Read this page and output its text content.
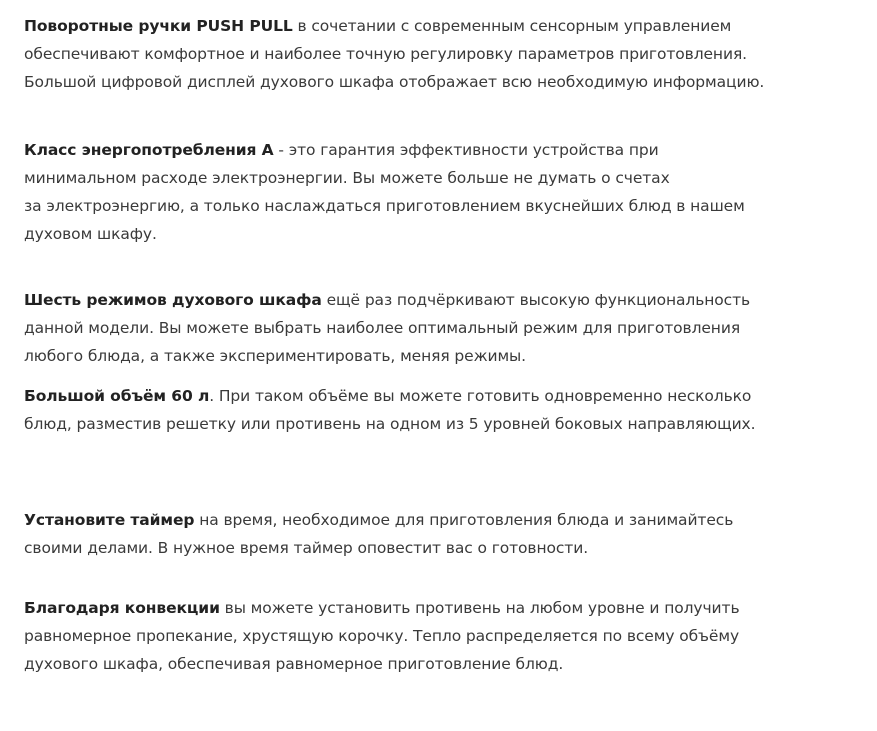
Поворотные ручки PUSH PULL в сочетании с современным сенсорным управлением
обеспечивают комфортное и наиболее точную регулировку параметров приготовления.
Большой цифровой дисплей духового шкафа отображает всю необходимую информацию.

Класс энергопотребления А - это гарантия эффективности устройства при
минимальном расходе электроэнергии. Вы можете больше не думать о счетах
за электроэнергию, а только наслаждаться приготовлением вкуснейших блюд в нашем
духовом шкафу.

Шесть режимов духового шкафа ещё раз подчёркивают высокую функциональность
данной модели. Вы можете выбрать наиболее оптимальный режим для приготовления
любого блюда, а также экспериментировать, меняя режимы.

Большой объём 60 л. При таком объёме вы можете готовить одновременно несколько
блюд, разместив решетку или противень на одном из 5 уровней боковых направляющих.

Установите таймер на время, необходимое для приготовления блюда и занимайтесь
своими делами. В нужное время таймер оповестит вас о готовности.

Благодаря конвекции вы можете установить противень на любом уровне и получить
равномерное пропекание, хрустящую корочку. Тепло распределяется по всему объёму
духового шкафа, обеспечивая равномерное приготовление блюд.
